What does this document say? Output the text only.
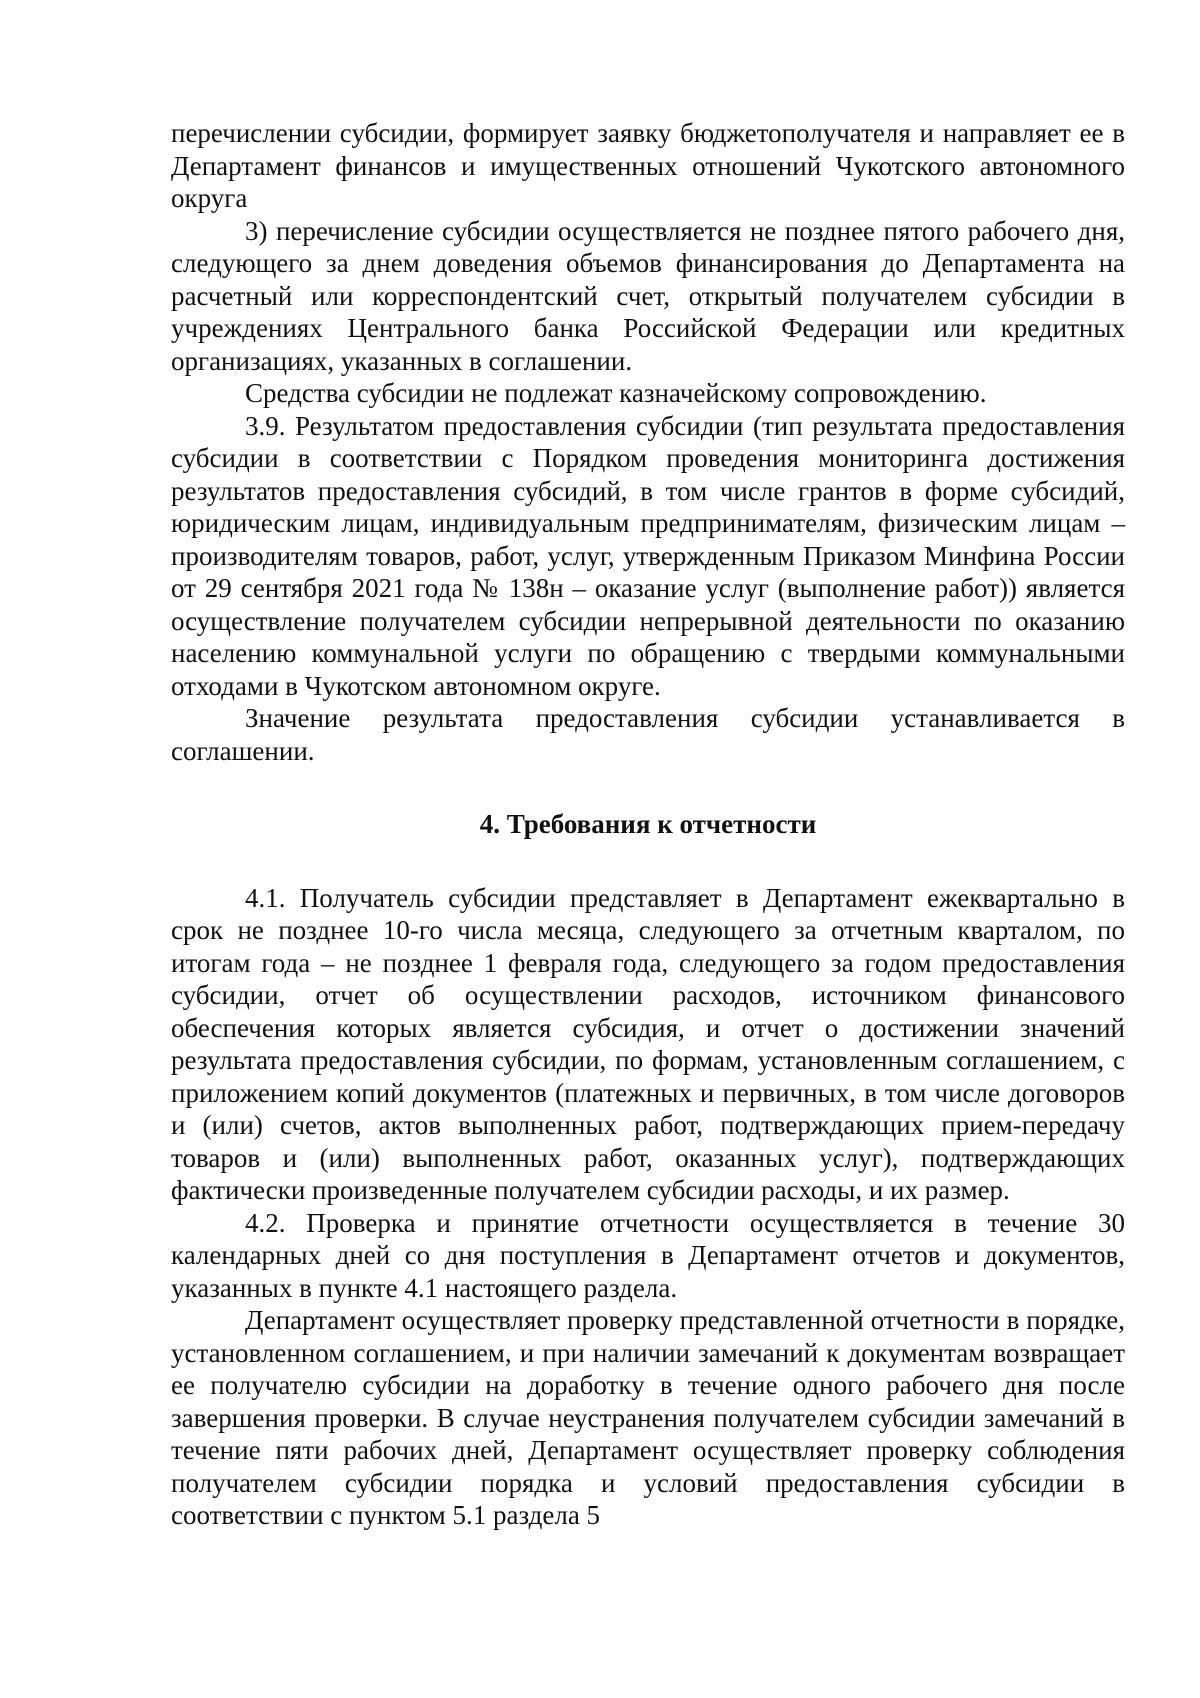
перечислении субсидии, формирует заявку бюджетополучателя и направляет ее в Департамент финансов и имущественных отношений Чукотского автономного округа

3) перечисление субсидии осуществляется не позднее пятого рабочего дня, следующего за днем доведения объемов финансирования до Департамента на расчетный или корреспондентский счет, открытый получателем субсидии в учреждениях Центрального банка Российской Федерации или кредитных организациях, указанных в соглашении.

Средства субсидии не подлежат казначейскому сопровождению.

3.9. Результатом предоставления субсидии (тип результата предоставления субсидии в соответствии с Порядком проведения мониторинга достижения результатов предоставления субсидий, в том числе грантов в форме субсидий, юридическим лицам, индивидуальным предпринимателям, физическим лицам – производителям товаров, работ, услуг, утвержденным Приказом Минфина России от 29 сентября 2021 года № 138н – оказание услуг (выполнение работ)) является осуществление получателем субсидии непрерывной деятельности по оказанию населению коммунальной услуги по обращению с твердыми коммунальными отходами в Чукотском автономном округе.

Значение результата предоставления субсидии устанавливается в соглашении.

4. Требования к отчетности

4.1. Получатель субсидии представляет в Департамент ежеквартально в срок не позднее 10-го числа месяца, следующего за отчетным кварталом, по итогам года – не позднее 1 февраля года, следующего за годом предоставления субсидии, отчет об осуществлении расходов, источником финансового обеспечения которых является субсидия, и отчет о достижении значений результата предоставления субсидии, по формам, установленным соглашением, с приложением копий документов (платежных и первичных, в том числе договоров и (или) счетов, актов выполненных работ, подтверждающих прием-передачу товаров и (или) выполненных работ, оказанных услуг), подтверждающих фактически произведенные получателем субсидии расходы, и их размер.

4.2. Проверка и принятие отчетности осуществляется в течение 30 календарных дней со дня поступления в Департамент отчетов и документов, указанных в пункте 4.1 настоящего раздела.

Департамент осуществляет проверку представленной отчетности в порядке, установленном соглашением, и при наличии замечаний к документам возвращает ее получателю субсидии на доработку в течение одного рабочего дня после завершения проверки. В случае неустранения получателем субсидии замечаний в течение пяти рабочих дней, Департамент осуществляет проверку соблюдения получателем субсидии порядка и условий предоставления субсидии в соответствии с пунктом 5.1 раздела 5
